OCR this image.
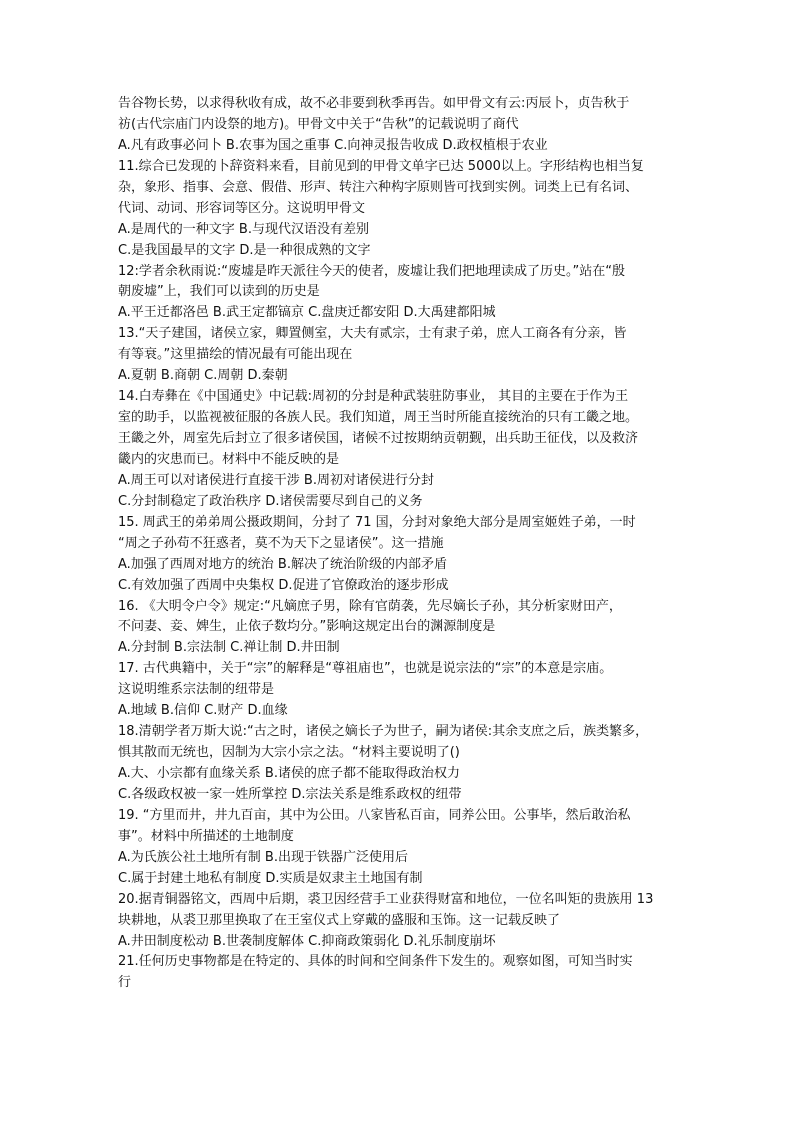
告谷物长势，以求得秋收有成，故不必非要到秋季再告。如甲骨文有云:丙辰卜，贞告秋于
祊(古代宗庙门内设祭的地方)。甲骨文中关于“告秋”的记载说明了商代
A.凡有政事必问卜 B.农事为国之重事 C.向神灵报告收成 D.政权植根于农业
11.综合已发现的卜辞资料来看，目前见到的甲骨文单字已达 5000以上。字形结构也相当复
杂，象形、指事、会意、假借、形声、转注六种构字原则皆可找到实例。词类上已有名词、
代词、动词、形容词等区分。这说明甲骨文
A.是周代的一种文字 B.与现代汉语没有差别
C.是我国最早的文字 D.是一种很成熟的文字
12:学者余秋雨说:“废墟是昨天派往今天的使者，废墟让我们把地理读成了历史。”站在“殷
朝废墟”上，我们可以读到的历史是
A.平王迁都洛邑 B.武王定都镐京 C.盘庚迁都安阳 D.大禹建都阳城
13.“天子建国，诸侯立家，卿置侧室，大夫有贰宗，士有隶子弟，庶人工商各有分亲，皆
有等衰。”这里描绘的情况最有可能出现在
A.夏朝 B.商朝 C.周朝 D.秦朝
14.白寿彝在《中国通史》中记载:周初的分封是种武装驻防事业， 其目的主要在于作为王
室的助手，以监视被征服的各族人民。我们知道，周王当时所能直接统治的只有工畿之地。
王畿之外，周室先后封立了很多诸侯国，诸候不过按期纳贡朝觐，出兵助王征伐，以及救济
畿内的灾患而已。材料中不能反映的是
A.周王可以对诸侯进行直接干涉 B.周初对诸侯进行分封
C.分封制稳定了政治秩序 D.诸侯需要尽到自己的义务
15. 周武王的弟弟周公摄政期间，分封了 71 国，分封对象绝大部分是周室姬姓子弟，一时
“周之子孙苟不狂惑者，莫不为天下之显诸侯”。这一措施
A.加强了西周对地方的统治 B.解决了统治阶级的内部矛盾
C.有效加强了西周中央集权 D.促进了官僚政治的逐步形成
16. 《大明令户令》规定:“凡嫡庶子男，除有官荫袭，先尽嫡长子孙，其分析家财田产，
不问妻、妾、婢生，止依子数均分。”影响这规定出台的渊源制度是
A.分封制 B.宗法制 C.禅让制 D.井田制
17. 古代典籍中，关于“宗”的解释是“尊祖庙也”，也就是说宗法的“宗”的本意是宗庙。
这说明维系宗法制的纽带是
A.地域 B.信仰 C.财产 D.血缘
18.清朝学者万斯大说:“古之时，诸侯之嫡长子为世子，嗣为诸侯:其余支庶之后，族类繁多，
惧其散而无统也，因制为大宗小宗之法。“材料主要说明了()
A.大、小宗都有血缘关系 B.诸侯的庶子都不能取得政治权力
C.各级政权被一家一姓所掌控 D.宗法关系是维系政权的纽带
19. “方里而井，井九百亩，其中为公田。八家皆私百亩，同养公田。公事毕，然后敢治私
事”。材料中所描述的土地制度
A.为氏族公社土地所有制 B.出现于铁器广泛使用后
C.属于封建土地私有制度 D.实质是奴隶主土地国有制
20.据青铜器铭文，西周中后期，裘卫因经营手工业获得财富和地位，一位名叫矩的贵族用 13
块耕地，从裘卫那里换取了在王室仪式上穿戴的盛服和玉饰。这一记载反映了
A.井田制度松动 B.世袭制度解体 C.抑商政策弱化 D.礼乐制度崩坏
21.任何历史事物都是在特定的、具体的时间和空间条件下发生的。观察如图，可知当时实
行
